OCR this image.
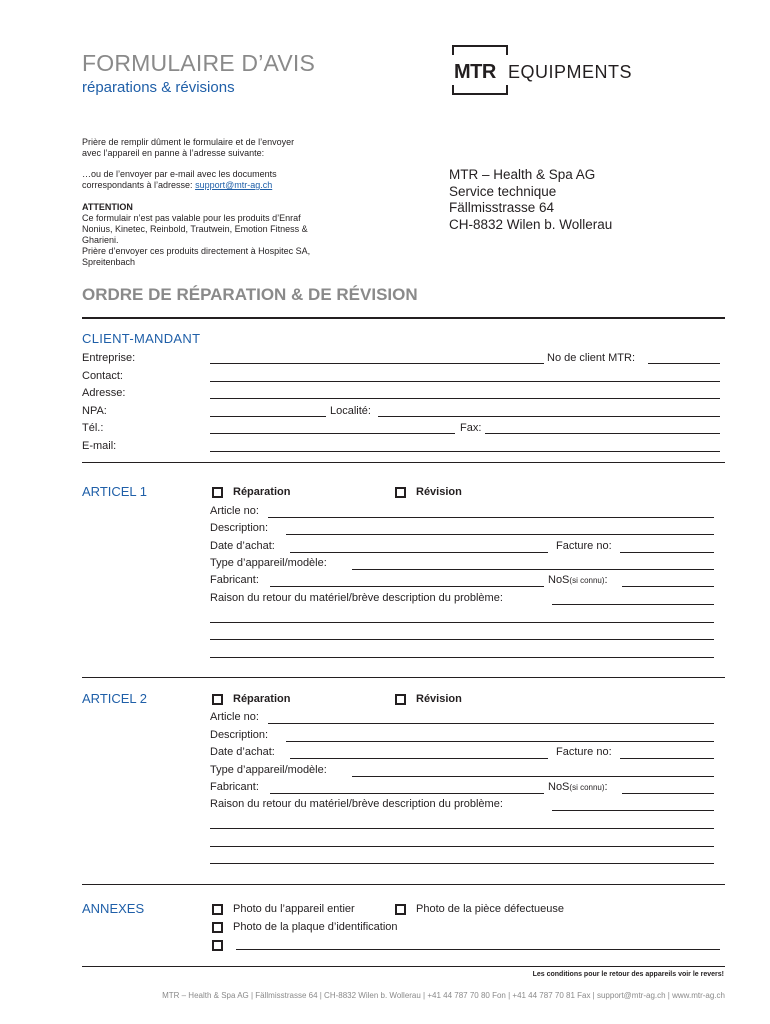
FORMULAIRE D’AVIS
réparations & révisions
MTR EQUIPMENTS
Prière de remplir dûment le formulaire et de l’envoyer
avec l’appareil en panne à l’adresse suivante:
…ou de l’envoyer par e-mail avec les documents
correspondants à l’adresse: support@mtr-ag.ch
ATTENTION
Ce formulair n’est pas valable pour les produits d’Enraf
Nonius, Kinetec, Reinbold, Trautwein, Emotion Fitness &
Gharieni.
Prière d’envoyer ces produits directement à Hospitec SA,
Spreitenbach
MTR – Health & Spa AG
Service technique
Fällmisstrasse 64
CH-8832 Wilen b. Wollerau
ORDRE DE RÉPARATION & DE RÉVISION
CLIENT-MANDANT
Entreprise:	No de client MTR:
Contact:
Adresse:
NPA:	Localité:
Tél.:	Fax:
E-mail:
ARTICEL 1	Réparation	Révision
Article no:
Description:
Date d’achat:	Facture no:
Type d’appareil/modèle:
Fabricant:	NoS(si connu):
Raison du retour du matériel/brève description du problème:
ARTICEL 2	Réparation	Révision
Article no:
Description:
Date d’achat:	Facture no:
Type d’appareil/modèle:
Fabricant:	NoS(si connu):
Raison du retour du matériel/brève description du problème:
ANNEXES	Photo du l’appareil entier	Photo de la pièce défectueuse
Photo de la plaque d’identification
Les conditions pour le retour des appareils voir le revers!
MTR – Health & Spa AG | Fällmisstrasse 64 | CH-8832 Wilen b. Wollerau | +41 44 787 70 80 Fon | +41 44 787 70 81 Fax | support@mtr-ag.ch | www.mtr-ag.ch
